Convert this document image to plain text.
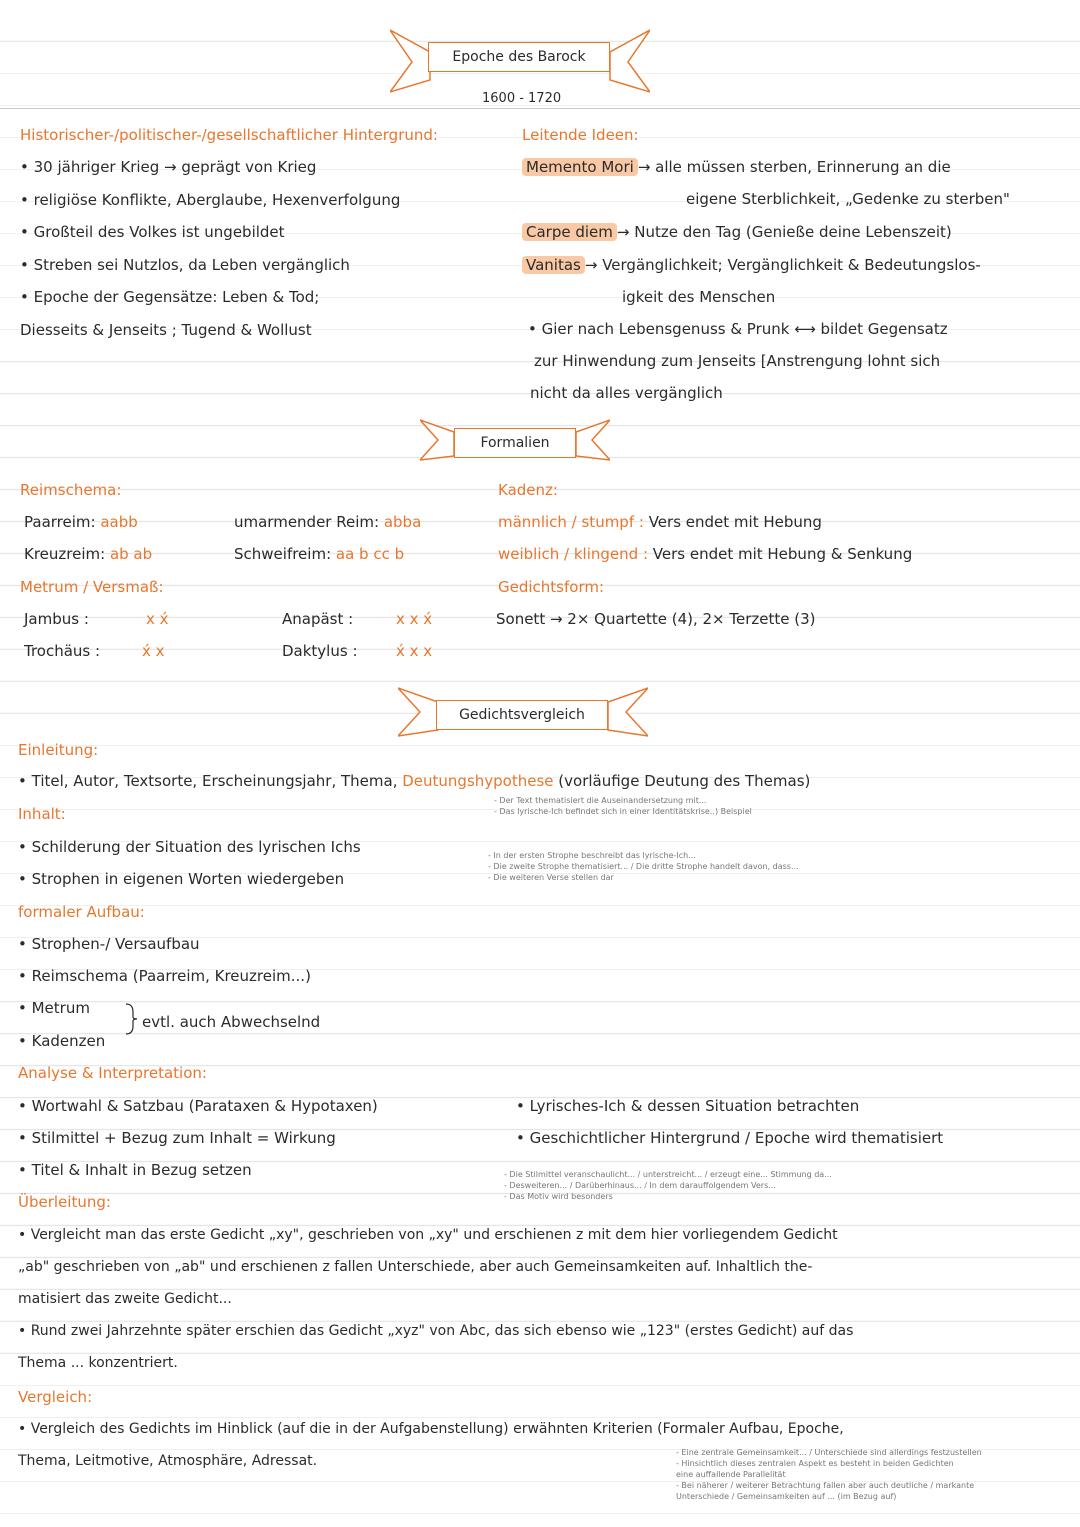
Epoche des Barock
1600 - 1720
Historischer-/politischer-/gesellschaftlicher Hintergrund:
• 30 jähriger Krieg → geprägt von Krieg
• religiöse Konflikte, Aberglaube, Hexenverfolgung
• Großteil des Volkes ist ungebildet
• Streben sei Nutzlos, da Leben vergänglich
• Epoche der Gegensätze: Leben & Tod;
Diesseits & Jenseits ; Tugend & Wollust
Leitende Ideen:
Memento Mori → alle müssen sterben, Erinnerung an die
eigene Sterblichkeit, „Gedenke zu sterben"
Carpe diem → Nutze den Tag (Genieße deine Lebenszeit)
Vanitas → Vergänglichkeit; Vergänglichkeit & Bedeutungslos-
igkeit des Menschen
• Gier nach Lebensgenuss & Prunk ⟷ bildet Gegensatz
zur Hinwendung zum Jenseits [Anstrengung lohnt sich
nicht da alles vergänglich
Formalien
Reimschema:
Paarreim: aabb	umarmender Reim: abba
Kreuzreim: ab ab	Schweifreim: aa b cc b
Metrum / Versmaß:
Jambus :	x x́	Anapäst :	x x x́
Trochäus :	x́ x	Daktylus :	x́ x x
Kadenz:
männlich / stumpf : Vers endet mit Hebung
weiblich / klingend : Vers endet mit Hebung & Senkung
Gedichtsform:
Sonett → 2× Quartette (4), 2× Terzette (3)
Gedichtsvergleich
Einleitung:
• Titel, Autor, Textsorte, Erscheinungsjahr, Thema, Deutungshypothese (vorläufige Deutung des Themas)
- Der Text thematisiert die Auseinandersetzung mit...
- Das lyrische-Ich befindet sich in einer Identitätskrise..) Beispiel
Inhalt:
• Schilderung der Situation des lyrischen Ichs
• Strophen in eigenen Worten wiedergeben
- In der ersten Strophe beschreibt das lyrische-Ich...
- Die zweite Strophe thematisiert... / Die dritte Strophe handelt davon, dass...
- Die weiteren Verse stellen dar
formaler Aufbau:
• Strophen-/ Versaufbau
• Reimschema (Paarreim, Kreuzreim...)
• Metrum
• Kadenzen
evtl. auch Abwechselnd
Analyse & Interpretation:
• Wortwahl & Satzbau (Parataxen & Hypotaxen)
• Stilmittel + Bezug zum Inhalt = Wirkung
• Titel & Inhalt in Bezug setzen
• Lyrisches-Ich & dessen Situation betrachten
• Geschichtlicher Hintergrund / Epoche wird thematisiert
- Die Stilmittel veranschaulicht... / unterstreicht... / erzeugt eine... Stimmung da...
- Desweiteren... / Darüberhinaus... / In dem darauffolgendem Vers...
- Das Motiv wird besonders
Überleitung:
• Vergleicht man das erste Gedicht „xy", geschrieben von „xy" und erschienen z mit dem hier vorliegendem Gedicht
„ab" geschrieben von „ab" und erschienen z fallen Unterschiede, aber auch Gemeinsamkeiten auf. Inhaltlich the-
matisiert das zweite Gedicht...
• Rund zwei Jahrzehnte später erschien das Gedicht „xyz" von Abc, das sich ebenso wie „123" (erstes Gedicht) auf das
Thema ... konzentriert.
Vergleich:
• Vergleich des Gedichts im Hinblick (auf die in der Aufgabenstellung) erwähnten Kriterien (Formaler Aufbau, Epoche,
Thema, Leitmotive, Atmosphäre, Adressat.
- Eine zentrale Gemeinsamkeit... / Unterschiede sind allerdings festzustellen
- Hinsichtlich dieses zentralen Aspekt es besteht in beiden Gedichten
eine auffallende Parallelität
- Bei näherer / weiterer Betrachtung fallen aber auch deutliche / markante
Unterschiede / Gemeinsamkeiten auf ... (im Bezug auf)
